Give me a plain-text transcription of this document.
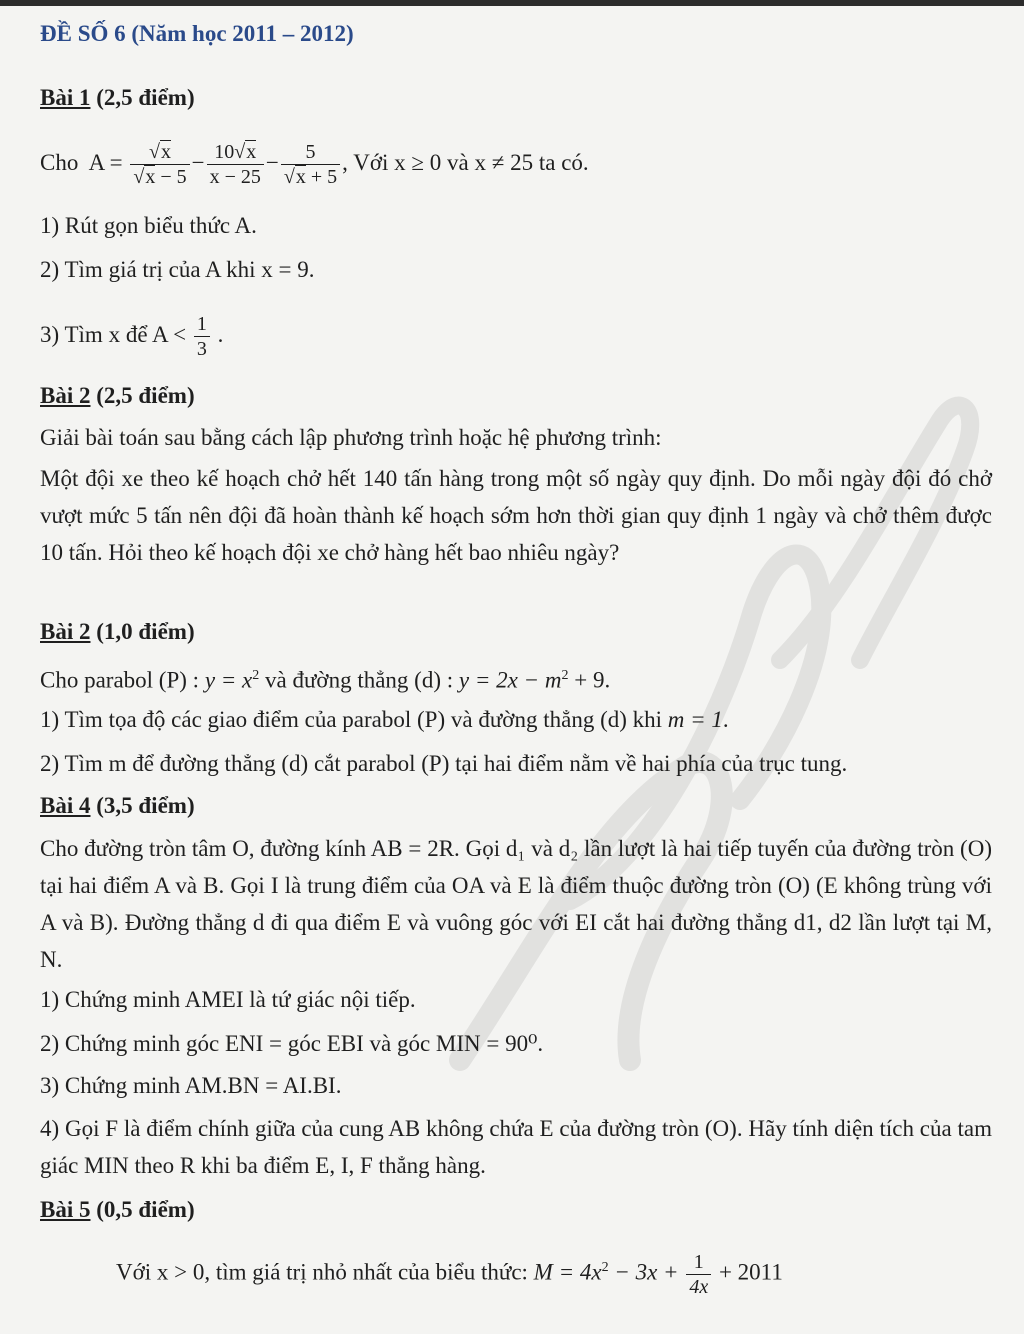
ĐỀ SỐ 6 (Năm học 2011 – 2012)
Bài 1 (2,5 điểm)
Cho $A = \frac{√x}{√x - 5} - \frac{10√x}{x - 25} - \frac{5}{√x + 5}$ , Với x ≥ 0 và x ≠ 25 ta có.
1) Rút gọn biểu thức A.
2) Tìm giá trị của A khi x = 9.
3) Tìm x để $A < \frac{1}{3}$ .
Bài 2 (2,5 điểm)
Giải bài toán sau bằng cách lập phương trình hoặc hệ phương trình:
Một đội xe theo kế hoạch chở hết 140 tấn hàng trong một số ngày quy định. Do mỗi ngày đội đó chở vượt mức 5 tấn nên đội đã hoàn thành kế hoạch sớm hơn thời gian quy định 1 ngày và chở thêm được 10 tấn. Hỏi theo kế hoạch đội xe chở hàng hết bao nhiêu ngày?
Bài 2 (1,0 điểm)
Cho parabol (P) : $y = x^2$ và đường thẳng (d) : $y = 2x - m^2 + 9$.
1) Tìm tọa độ các giao điểm của parabol (P) và đường thẳng (d) khi m = 1.
2) Tìm m để đường thẳng (d) cắt parabol (P) tại hai điểm nằm về hai phía của trục tung.
Bài 4 (3,5 điểm)
Cho đường tròn tâm O, đường kính AB = 2R. Gọi d₁ và d₂ lần lượt là hai tiếp tuyến của đường tròn (O) tại hai điểm A và B. Gọi I là trung điểm của OA và E là điểm thuộc đường tròn (O) (E không trùng với A và B). Đường thẳng d đi qua điểm E và vuông góc với EI cắt hai đường thẳng d1, d2 lần lượt tại M, N.
1) Chứng minh AMEI là tứ giác nội tiếp.
2) Chứng minh góc ENI = góc EBI và góc MIN = 90⁰.
3) Chứng minh AM.BN = AI.BI.
4) Gọi F là điểm chính giữa của cung AB không chứa E của đường tròn (O). Hãy tính diện tích của tam giác MIN theo R khi ba điểm E, I, F thẳng hàng.
Bài 5 (0,5 điểm)
Với x > 0, tìm giá trị nhỏ nhất của biểu thức: $M = 4x^2 - 3x + \frac{1}{4x} + 2011$
